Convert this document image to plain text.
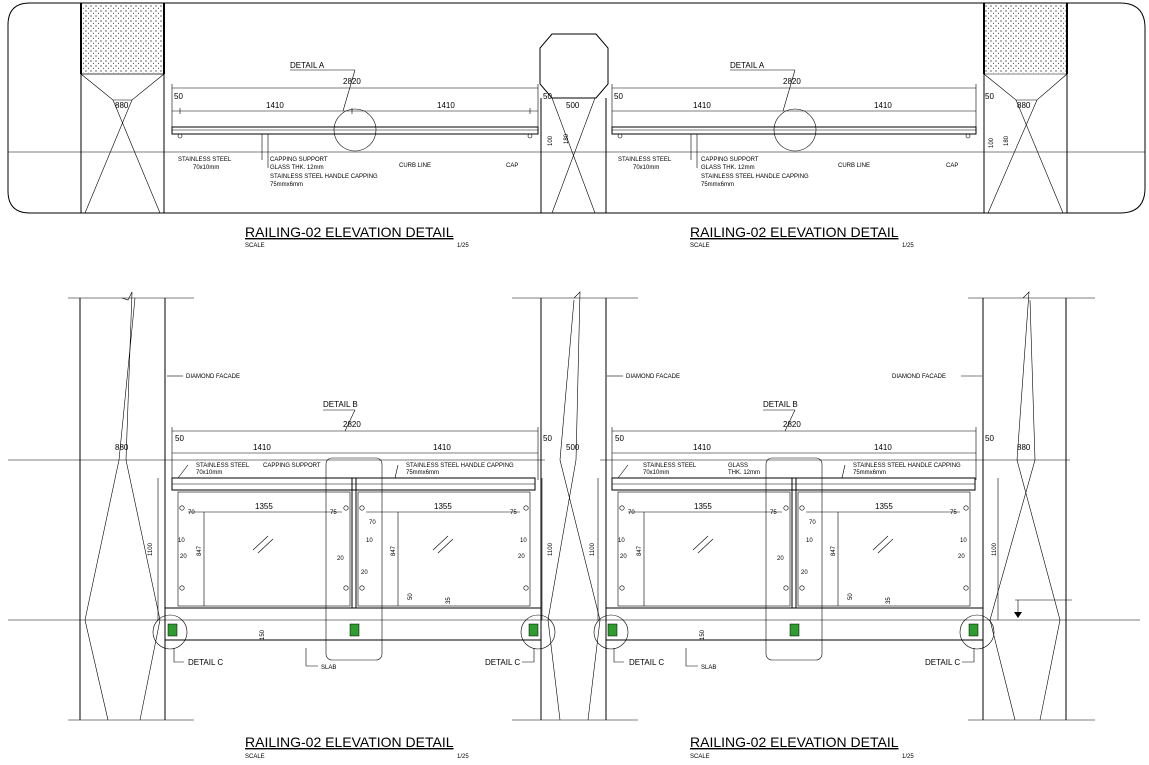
DETAIL A
2820
1410	1410
50	50
500
880
100 180
STAINLESS STEEL
70x10mm
CAPPING SUPPORT
GLASS THK. 12mm
STAINLESS STEEL HANDLE CAPPING
75mmx6mm
CURB LINE	CAP
RAILING-02 ELEVATION DETAIL
SCALE	1/25
DETAIL A
2820
1410	1410
50	50
880
100 180
STAINLESS STEEL
70x10mm
CAPPING SUPPORT
GLASS THK. 12mm
STAINLESS STEEL HANDLE CAPPING
75mmx6mm
CURB LINE	CAP
RAILING-02 ELEVATION DETAIL
SCALE	1/25
DETAIL B
2820
1410	1410
50	50
880	500
DIAMOND FACADE
1355	1355
1100	1100
847	847
70	75
70
75
10
20
10
20
20
10
20
50
35
150
STAINLESS STEEL
70x10mm
CAPPING SUPPORT	STAINLESS STEEL HANDLE CAPPING
75mmx6mm
DETAIL C
SLAB
DETAIL C
RAILING-02 ELEVATION DETAIL
SCALE	1/25
DETAIL B
2820
1410	1410
50	50
880
DIAMOND FACADE	DIAMOND FACADE
1355	1355
1100	1100
847	847
70	75
70
75
10
20
10
20
20
10
20
50
35
150
STAINLESS STEEL
70x10mm
GLASS
THK. 12mm
STAINLESS STEEL HANDLE CAPPING
75mmx6mm
DETAIL C
SLAB
DETAIL C
RAILING-02 ELEVATION DETAIL
SCALE	1/25
